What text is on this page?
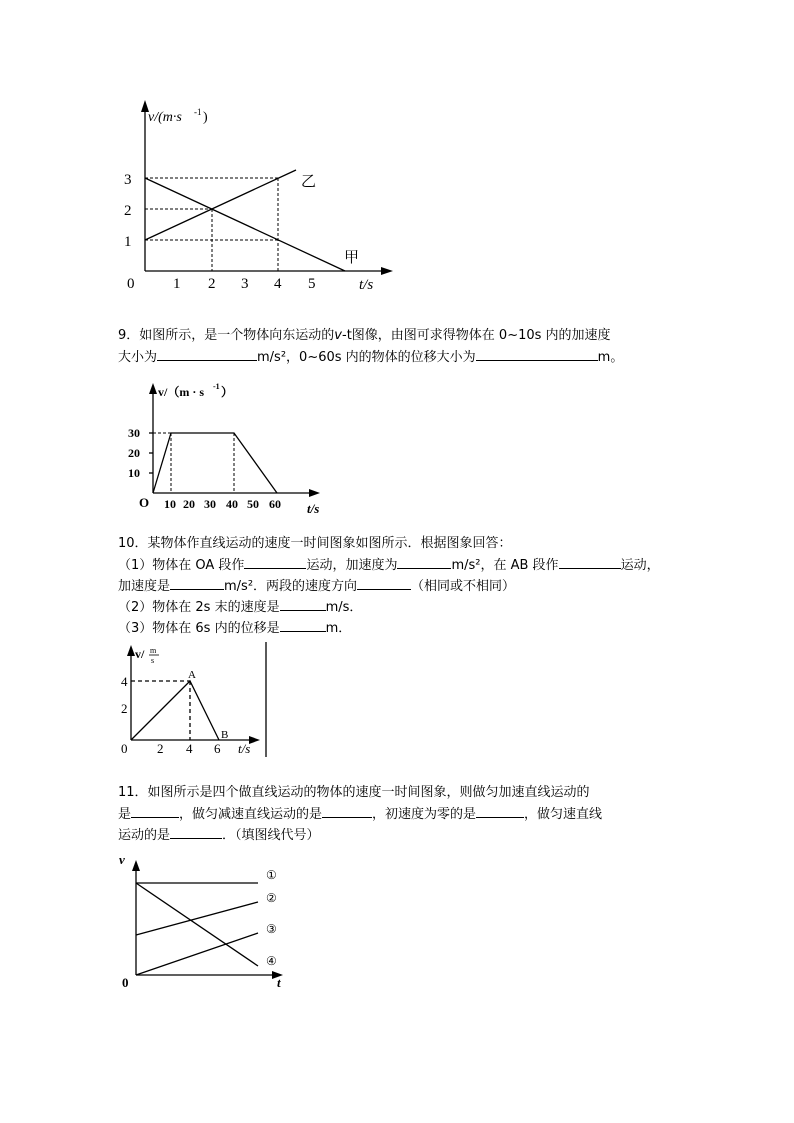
v/(m·s -1 )
3
2
1
0	1 2 3 4 5	t/s
乙
甲
9．如图所示，是一个物体向东运动的v-t图像，由图可求得物体在 0~10s 内的加速度
大小为	m/s²，0~60s 内的物体的位移大小为	m。
v/（m · s -1 ）
10
20
30
O 10 20 30 40 50 60 t/s
10．某物体作直线运动的速度一时间图象如图所示．根据图象回答：
（1）物体在 OA 段作	运动，加速度为	m/s²，在 AB 段作	运动，
加速度是	m/s²．两段的速度方向	（相同或不相同）
（2）物体在 2s 末的速度是	m/s．
（3）物体在 6s 内的位移是	m．
v/ m
s
4
2
0 2 4 6 t/s
A
B
11．如图所示是四个做直线运动的物体的速度一时间图象，则做匀加速直线运动的
是	，做匀减速直线运动的是	，初速度为零的是	，做匀速直线
运动的是	．（填图线代号）
v
0	t
①
②
③
④
